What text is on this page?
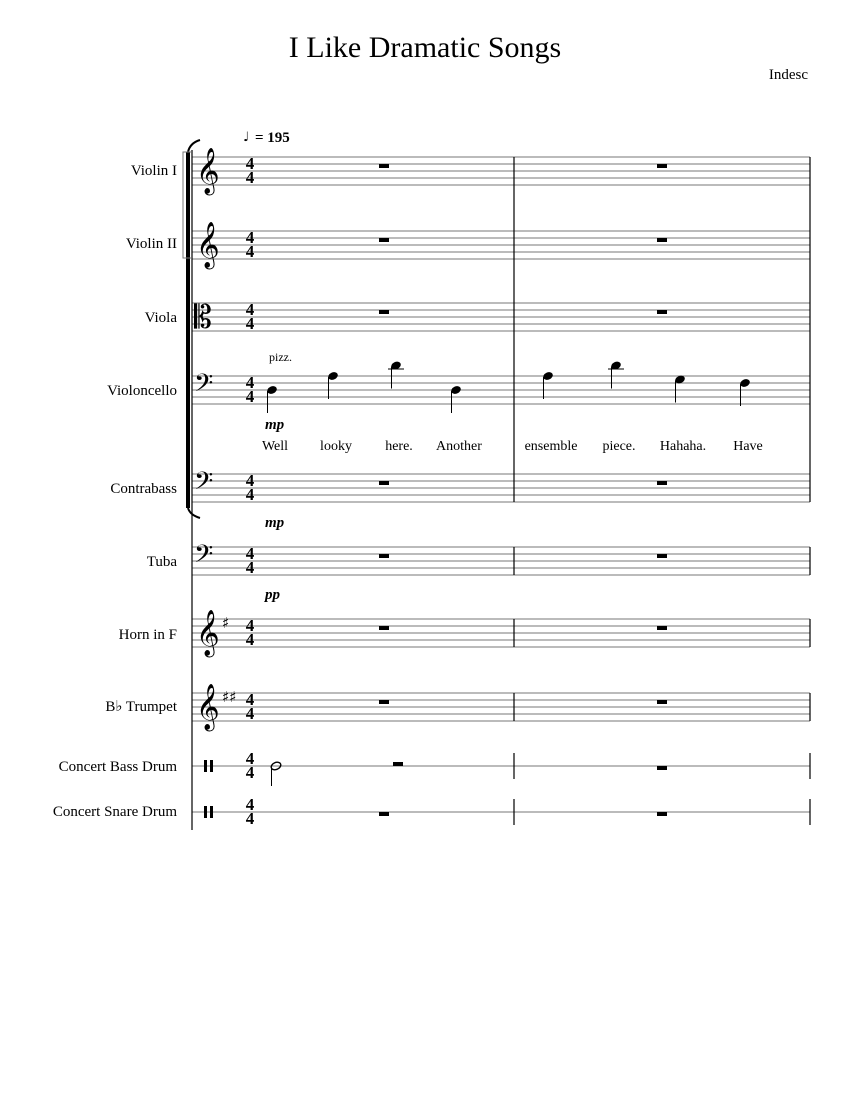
I Like Dramatic Songs
Indesc
Violin I
Violin II
Viola
Violoncello
Contrabass
Tuba
Horn in F
B♭ Trumpet
Concert Bass Drum
Concert Snare Drum
𝄞 4
4
𝄞 4
4
𝄡	4
4
𝄢	4
4
Well looky here. Another	ensemble piece. Hahaha. Have
pizz.
mp
𝄢	4
4
𝄢	4
4
mp
𝄞 ♯ 4
4
pp
𝄞 ♯♯ 4
4
4
4
4
4
♩ = 195
